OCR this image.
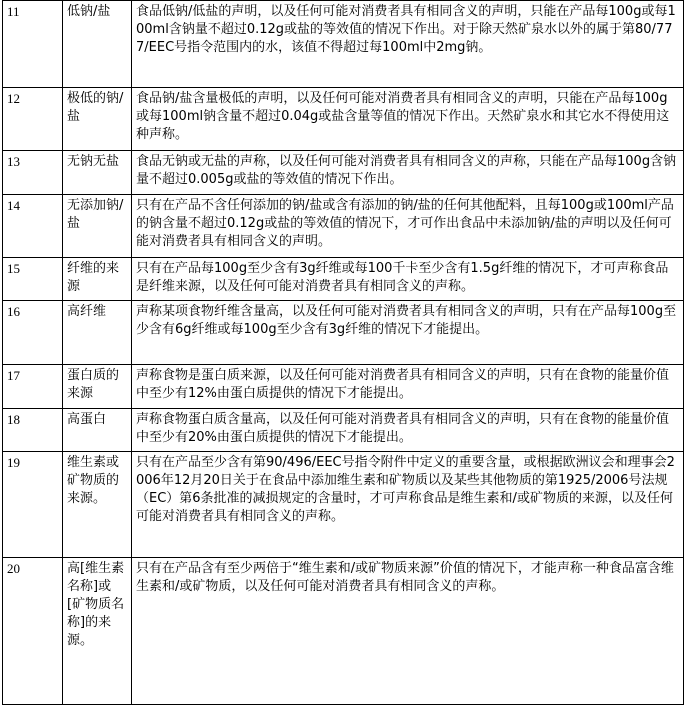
11	低钠/盐	食品低钠/低盐的声明，以及任何可能对消费者具有相同含义的声明，只能在产品每100g或每100ml含钠量不超过0.12g或盐的等效值的情况下作出。对于除天然矿泉水以外的属于第80/777/EEC号指令范围内的水，该值不得超过每100ml中2mg钠。
12	极低的钠/盐	食品钠/盐含量极低的声明，以及任何可能对消费者具有相同含义的声明，只能在产品每100g或每100ml钠含量不超过0.04g或盐含量等值的情况下作出。天然矿泉水和其它水不得使用这种声称。
13	无钠无盐	食品无钠或无盐的声称，以及任何可能对消费者具有相同含义的声称，只能在产品每100g含钠量不超过0.005g或盐的等效值的情况下作出。
14	无添加钠/盐	只有在产品不含任何添加的钠/盐或含有添加的钠/盐的任何其他配料，且每100g或100ml产品的钠含量不超过0.12g或盐的等效值的情况下，才可作出食品中未添加钠/盐的声明以及任何可能对消费者具有相同含义的声明。
15	纤维的来源	只有在产品每100g至少含有3g纤维或每100千卡至少含有1.5g纤维的情况下，才可声称食品是纤维来源，以及任何可能对消费者具有相同含义的声称。
16	高纤维	声称某项食物纤维含量高，以及任何可能对消费者具有相同含义的声明，只有在产品每100g至少含有6g纤维或每100g至少含有3g纤维的情况下才能提出。
17	蛋白质的来源	声称食物是蛋白质来源，以及任何可能对消费者具有相同含义的声明，只有在食物的能量价值中至少有12%由蛋白质提供的情况下才能提出。
18	高蛋白	声称食物蛋白质含量高，以及任何可能对消费者具有相同含义的声明，只有在食物的能量价值中至少有20%由蛋白质提供的情况下才能提出。
19	维生素或矿物质的来源。	只有在产品至少含有第90/496/EEC号指令附件中定义的重要含量，或根据欧洲议会和理事会2006年12月20日关于在食品中添加维生素和矿物质以及某些其他物质的第1925/2006号法规（EC）第6条批准的减损规定的含量时，才可声称食品是维生素和/或矿物质的来源，以及任何可能对消费者具有相同含义的声称。
20	高[维生素名称]或[矿物质名称]的来源。	只有在产品含有至少两倍于“维生素和/或矿物质来源”价值的情况下，才能声称一种食品富含维生素和/或矿物质，以及任何可能对消费者具有相同含义的声称。
